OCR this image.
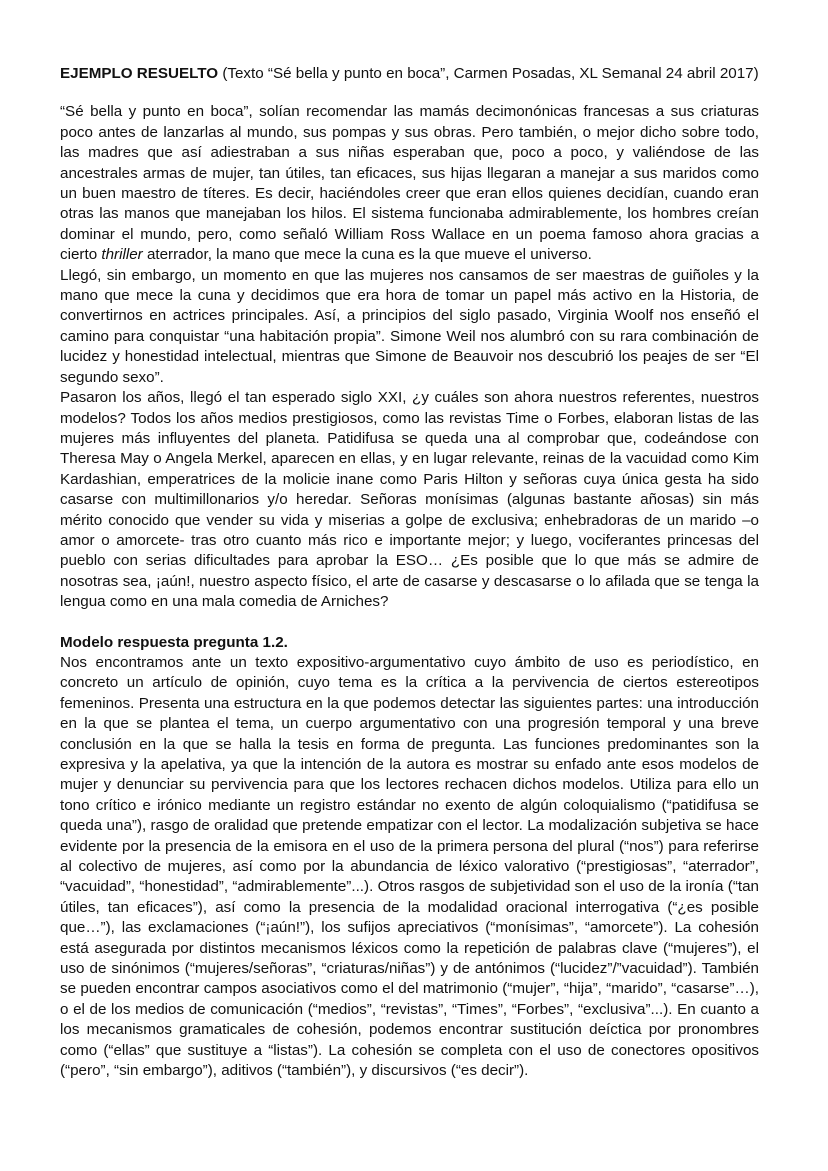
EJEMPLO RESUELTO (Texto “Sé bella y punto en boca”, Carmen Posadas, XL Semanal 24 abril 2017)

“Sé bella y punto en boca”, solían recomendar las mamás decimonónicas francesas a sus criaturas poco antes de lanzarlas al mundo, sus pompas y sus obras. Pero también, o mejor dicho sobre todo, las madres que así adiestraban a sus niñas esperaban que, poco a poco, y valiéndose de las ancestrales armas de mujer, tan útiles, tan eficaces, sus hijas llegaran a manejar a sus maridos como un buen maestro de títeres. Es decir, haciéndoles creer que eran ellos quienes decidían, cuando eran otras las manos que manejaban los hilos. El sistema funcionaba admirablemente, los hombres creían dominar el mundo, pero, como señaló William Ross Wallace en un poema famoso ahora gracias a cierto thriller aterrador, la mano que mece la cuna es la que mueve el universo.

Llegó, sin embargo, un momento en que las mujeres nos cansamos de ser maestras de guiñoles y la mano que mece la cuna y decidimos que era hora de tomar un papel más activo en la Historia, de convertirnos en actrices principales. Así, a principios del siglo pasado, Virginia Woolf nos enseñó el camino para conquistar “una habitación propia”. Simone Weil nos alumbró con su rara combinación de lucidez y honestidad intelectual, mientras que Simone de Beauvoir nos descubrió los peajes de ser “El segundo sexo”.

Pasaron los años, llegó el tan esperado siglo XXI, ¿y cuáles son ahora nuestros referentes, nuestros modelos? Todos los años medios prestigiosos, como las revistas Time o Forbes, elaboran listas de las mujeres más influyentes del planeta. Patidifusa se queda una al comprobar que, codeándose con Theresa May o Angela Merkel, aparecen en ellas, y en lugar relevante, reinas de la vacuidad como Kim Kardashian, emperatrices de la molicie inane como Paris Hilton y señoras cuya única gesta ha sido casarse con multimillonarios y/o heredar. Señoras monísimas (algunas bastante añosas) sin más mérito conocido que vender su vida y miserias a golpe de exclusiva; enhebradoras de un marido –o amor o amorcete- tras otro cuanto más rico e importante mejor; y luego, vociferantes princesas del pueblo con serias dificultades para aprobar la ESO… ¿Es posible que lo que más se admire de nosotras sea, ¡aún!, nuestro aspecto físico, el arte de casarse y descasarse o lo afilada que se tenga la lengua como en una mala comedia de Arniches?

Modelo respuesta pregunta 1.2.

Nos encontramos ante un texto expositivo-argumentativo cuyo ámbito de uso es periodístico, en concreto un artículo de opinión, cuyo tema es la crítica a la pervivencia de ciertos estereotipos femeninos. Presenta una estructura en la que podemos detectar las siguientes partes: una introducción en la que se plantea el tema, un cuerpo argumentativo con una progresión temporal y una breve conclusión en la que se halla la tesis en forma de pregunta. Las funciones predominantes son la expresiva y la apelativa, ya que la intención de la autora es mostrar su enfado ante esos modelos de mujer y denunciar su pervivencia para que los lectores rechacen dichos modelos. Utiliza para ello un tono crítico e irónico mediante un registro estándar no exento de algún coloquialismo (“patidifusa se queda una”), rasgo de oralidad que pretende empatizar con el lector. La modalización subjetiva se hace evidente por la presencia de la emisora en el uso de la primera persona del plural (“nos”) para referirse al colectivo de mujeres, así como por la abundancia de léxico valorativo (“prestigiosas”, “aterrador”, “vacuidad”, “honestidad”, “admirablemente”...). Otros rasgos de subjetividad son el uso de la ironía (“tan útiles, tan eficaces”), así como la presencia de la modalidad oracional interrogativa (“¿es posible que…”), las exclamaciones (“¡aún!”), los sufijos apreciativos (“monísimas”, “amorcete”). La cohesión está asegurada por distintos mecanismos léxicos como la repetición de palabras clave (“mujeres”), el uso de sinónimos (“mujeres/señoras”, “criaturas/niñas”) y de antónimos (“lucidez”/”vacuidad”). También se pueden encontrar campos asociativos como el del matrimonio (“mujer”, “hija”, “marido”, “casarse”…), o el de los medios de comunicación (“medios”, “revistas”, “Times”, “Forbes”, “exclusiva”...). En cuanto a los mecanismos gramaticales de cohesión, podemos encontrar sustitución deíctica por pronombres como (“ellas” que sustituye a “listas”). La cohesión se completa con el uso de conectores opositivos (“pero”, “sin embargo”), aditivos (“también”), y discursivos (“es decir”).
